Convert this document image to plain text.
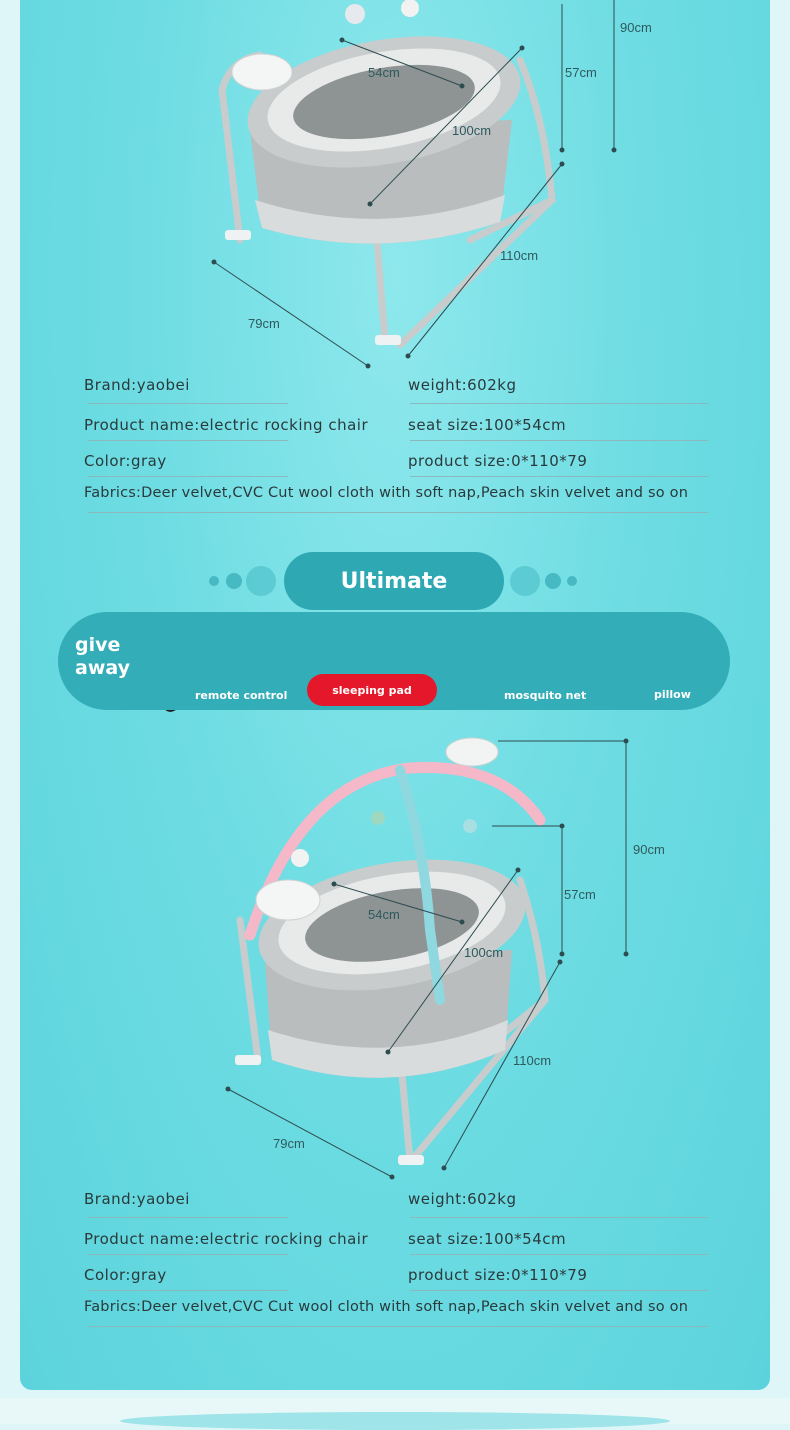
90cm
57cm
54cm
100cm
110cm
79cm
Brand:yaobei	weight:602kg
Product name:electric rocking chair	seat size:100*54cm
Color:gray	product size:0*110*79
Fabrics:Deer velvet,CVC Cut wool cloth with soft nap,Peach skin velvet and so on
Ultimate
give
away
remote control	sleeping pad	mosquito net	pillow
90cm
57cm
54cm
100cm
110cm
79cm
Brand:yaobei	weight:602kg
Product name:electric rocking chair	seat size:100*54cm
Color:gray	product size:0*110*79
Fabrics:Deer velvet,CVC Cut wool cloth with soft nap,Peach skin velvet and so on
